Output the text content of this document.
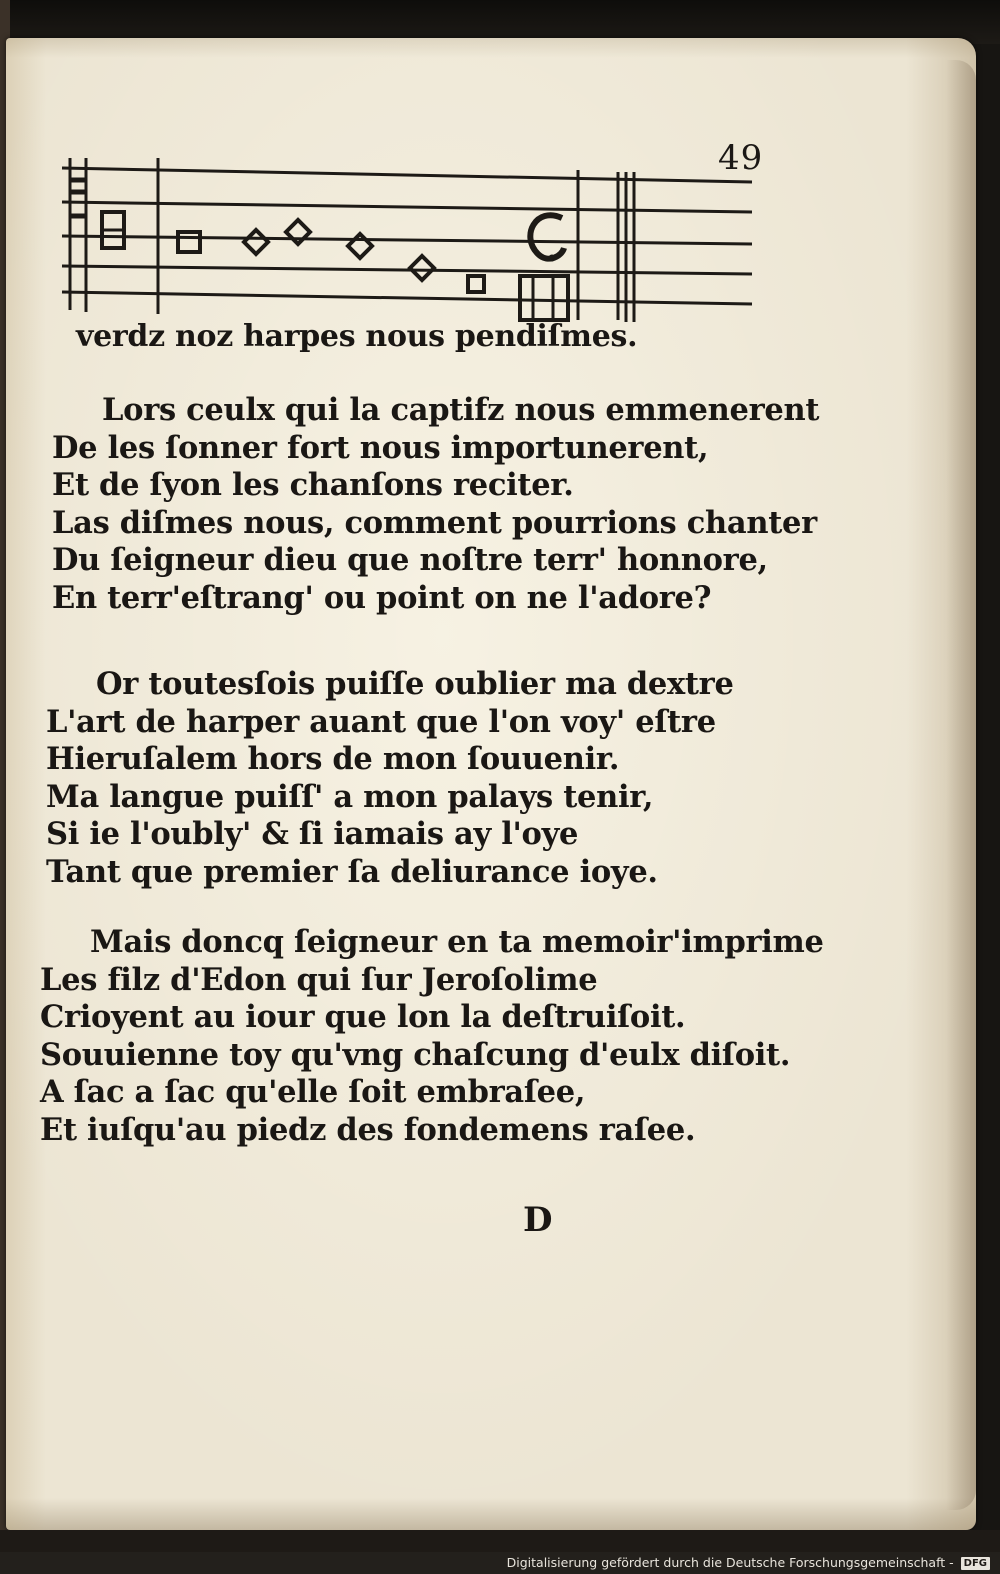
49
verdz noz harpes nous pendiſmes.
Lors ceulx qui la captifz nous emmenerent
De les ſonner fort nous importunerent,
Et de ſyon les chanſons reciter.
Las diſmes nous, comment pourrions chanter
Du ſeigneur dieu que noſtre terr' honnore,
En terr'eſtrang' ou point on ne l'adore?
Or toutesſois puiſſe oublier ma dextre
L'art de harper auant que l'on voy' eſtre
Hieruſalem hors de mon ſouuenir.
Ma langue puiſſ' a mon palays tenir,
Si ie l'oubly' & ſi iamais ay l'oye
Tant que premier ſa deliurance ioye.
Mais doncq ſeigneur en ta memoir'imprime
Les filz d'Edon qui ſur Jeroſolime
Crioyent au iour que lon la deſtruiſoit.
Souuienne toy qu'vng chaſcung d'eulx diſoit.
A ſac a ſac qu'elle ſoit embraſee,
Et iuſqu'au piedz des fondemens raſee.
D
Digitalisierung gefördert durch die Deutsche Forschungsgemeinschaft - DFG
